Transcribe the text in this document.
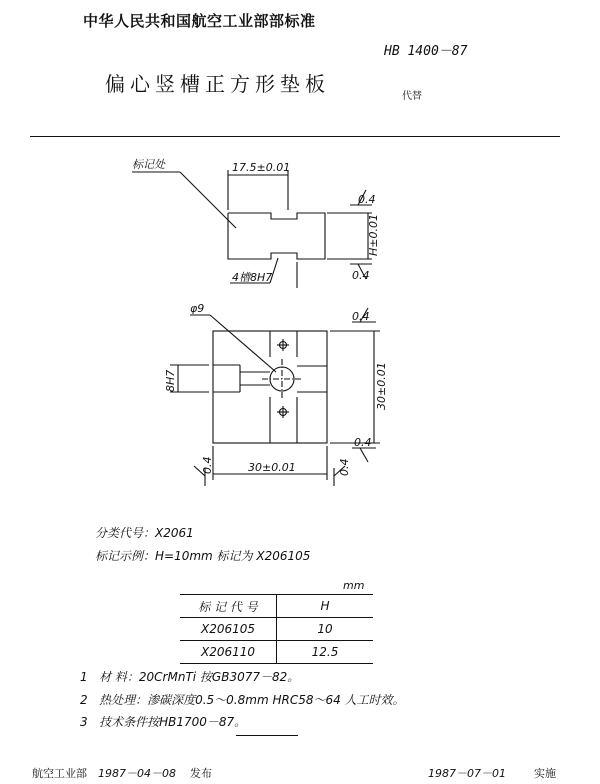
中华人民共和国航空工业部部标准
HB 1400－87
偏心竖槽正方形垫板
代替
标记处	17.5±0.01
0.4
H±0.01
0.4
4槽8H7
φ9
0.4
8H7	30±0.01
0.4
30±0.01
0.4	0.4
分类代号：X2061
标记示例：H=10mm 标记为 X206105
mm
标 记 代 号	H
X206105	10
X206110	12.5
1 材 料：20CrMnTi 按GB3077－82。
2 热处理：渗碳深度0.5～0.8mm HRC58～64 人工时效。
3 技术条件按HB1700－87。
航空工业部 1987－04－08 发布	1987－07－01	实施
